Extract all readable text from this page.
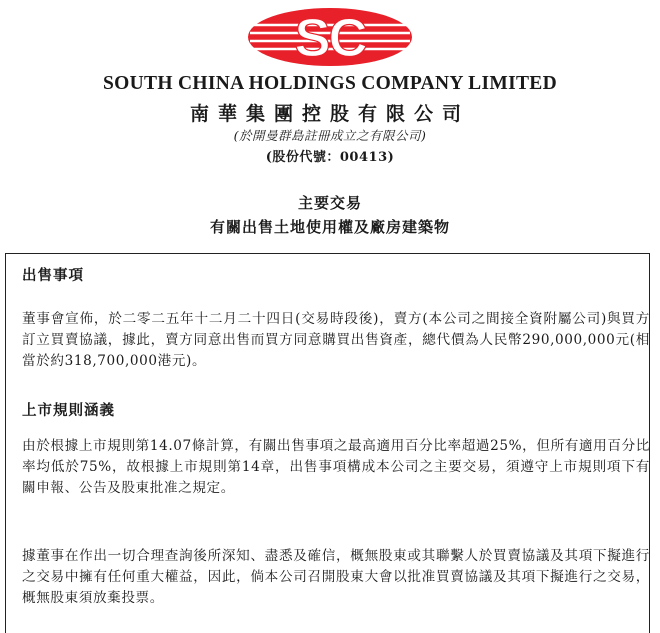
SC
SOUTH CHINA HOLDINGS COMPANY LIMITED
南華集團控股有限公司
(於開曼群島註冊成立之有限公司)
(股份代號：00413)
主要交易
有關出售土地使用權及廠房建築物
出售事項
董事會宣佈，於二零二五年十二月二十四日(交易時段後)，賣方(本公司之間接全資附屬公司)與買方訂立買賣協議，據此，賣方同意出售而買方同意購買出售資產，總代價為人民幣290,000,000元(相當於約318,700,000港元)。
上市規則涵義
由於根據上市規則第14.07條計算，有關出售事項之最高適用百分比率超過25%，但所有適用百分比率均低於75%，故根據上市規則第14章，出售事項構成本公司之主要交易，須遵守上市規則項下有關申報、公告及股東批准之規定。
據董事在作出一切合理查詢後所深知、盡悉及確信，概無股東或其聯繫人於買賣協議及其項下擬進行之交易中擁有任何重大權益，因此，倘本公司召開股東大會以批准買賣協議及其項下擬進行之交易，概無股東須放棄投票。
